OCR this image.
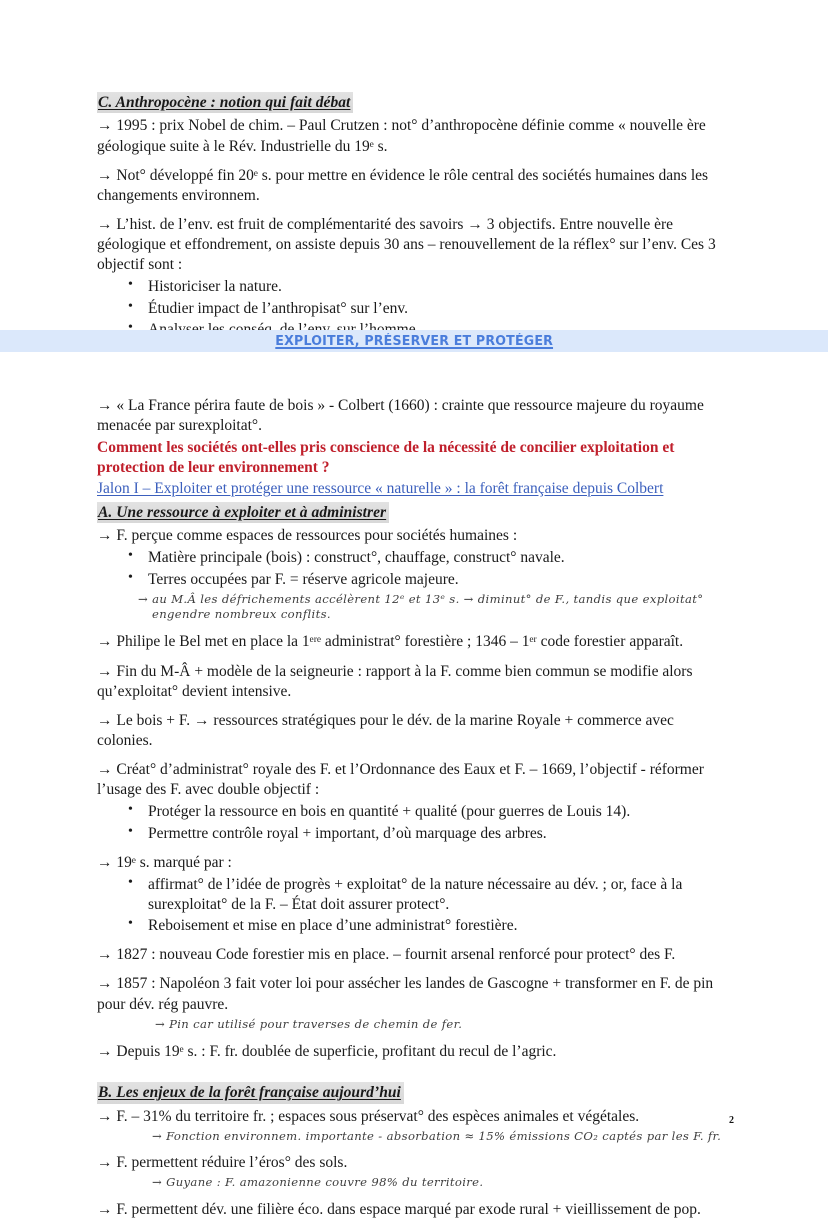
C. Anthropocène : notion qui fait débat

→ 1995 : prix Nobel de chim. – Paul Crutzen : not° d’anthropocène définie comme « nouvelle ère géologique suite à le Rév. Industrielle du 19ᵉ s.

→ Not° développé fin 20ᵉ s. pour mettre en évidence le rôle central des sociétés humaines dans les changements environnem.

→ L’hist. de l’env. est fruit de complémentarité des savoirs → 3 objectifs. Entre nouvelle ère géologique et effondrement, on assiste depuis 30 ans – renouvellement de la réflex° sur l’env. Ces 3 objectif sont :

• Historiciser la nature.
• Étudier impact de l’anthropisat° sur l’env.
•

→ « La France périra faute de bois » - Colbert (1660) : crainte que ressource majeure du royaume menacée par surexploitat°.

Comment les sociétés ont-elles pris conscience de la nécessité de concilier exploitation et protection de leur environnement ?

Jalon I – Exploiter et protéger une ressource « naturelle » : la forêt française depuis Colbert
A. Une ressource à exploiter et à administrer

→ F. perçue comme espaces de ressources pour sociétés humaines :

• Matière principale (bois) : construct°, chauffage, construct° navale.
• Terres occupées par F. = réserve agricole majeure.

→ au M.Â les défrichements accélèrent 12ᵉ et 13ᵉ s. → diminut° de F., tandis que exploitat° engendre nombreux conflits.

→ Philipe le Bel met en place la 1ᵉʳᵉ administrat° forestière ; 1346 – 1ᵉʳ code forestier apparaît.

→ Fin du M-Â + modèle de la seigneurie : rapport à la F. comme bien commun se modifie alors qu’exploitat° devient intensive.

→ Le bois + F. → ressources stratégiques pour le dév. de la marine Royale + commerce avec colonies.

→ Créat° d’administrat° royale des F. et l’Ordonnance des Eaux et F. – 1669, l’objectif - réformer l’usage des F. avec double objectif :

• Protéger la ressource en bois en quantité + qualité (pour guerres de Louis 14).
• Permettre contrôle royal + important, d’où marquage des arbres.

→ 19ᵉ s. marqué par :

• affirmat° de l’idée de progrès + exploitat° de la nature nécessaire au dév. ; or, face à la surexploitat° de la F. – État doit assurer protect°.
• Reboisement et mise en place d’une administrat° forestière.

→ 1827 : nouveau Code forestier mis en place. – fournit arsenal renforcé pour protect° des F.

→ 1857 : Napoléon 3 fait voter loi pour assécher les landes de Gascogne + transformer en F. de pin pour dév. rég pauvre.

→ Pin car utilisé pour traverses de chemin de fer.

→ Depuis 19ᵉ s. : F. fr. doublée de superficie, profitant du recul de l’agric.

B. Les enjeux de la forêt française aujourd’hui

→ F. – 31% du territoire fr. ; espaces sous préservat° des espèces animales et végétales.

→ Fonction environnem. importante - absorbation ≈ 15% émissions CO₂ captés par les F. fr.

→ F. permettent réduire l’éros° des sols.

→ Guyane : F. amazonienne couvre 98% du territoire.

→ F. permettent dév. une filière éco. dans espace marqué par exode rural + vieillissement de pop.

EXPLOITER, PRÉSERVER ET PROTÉGER
2
